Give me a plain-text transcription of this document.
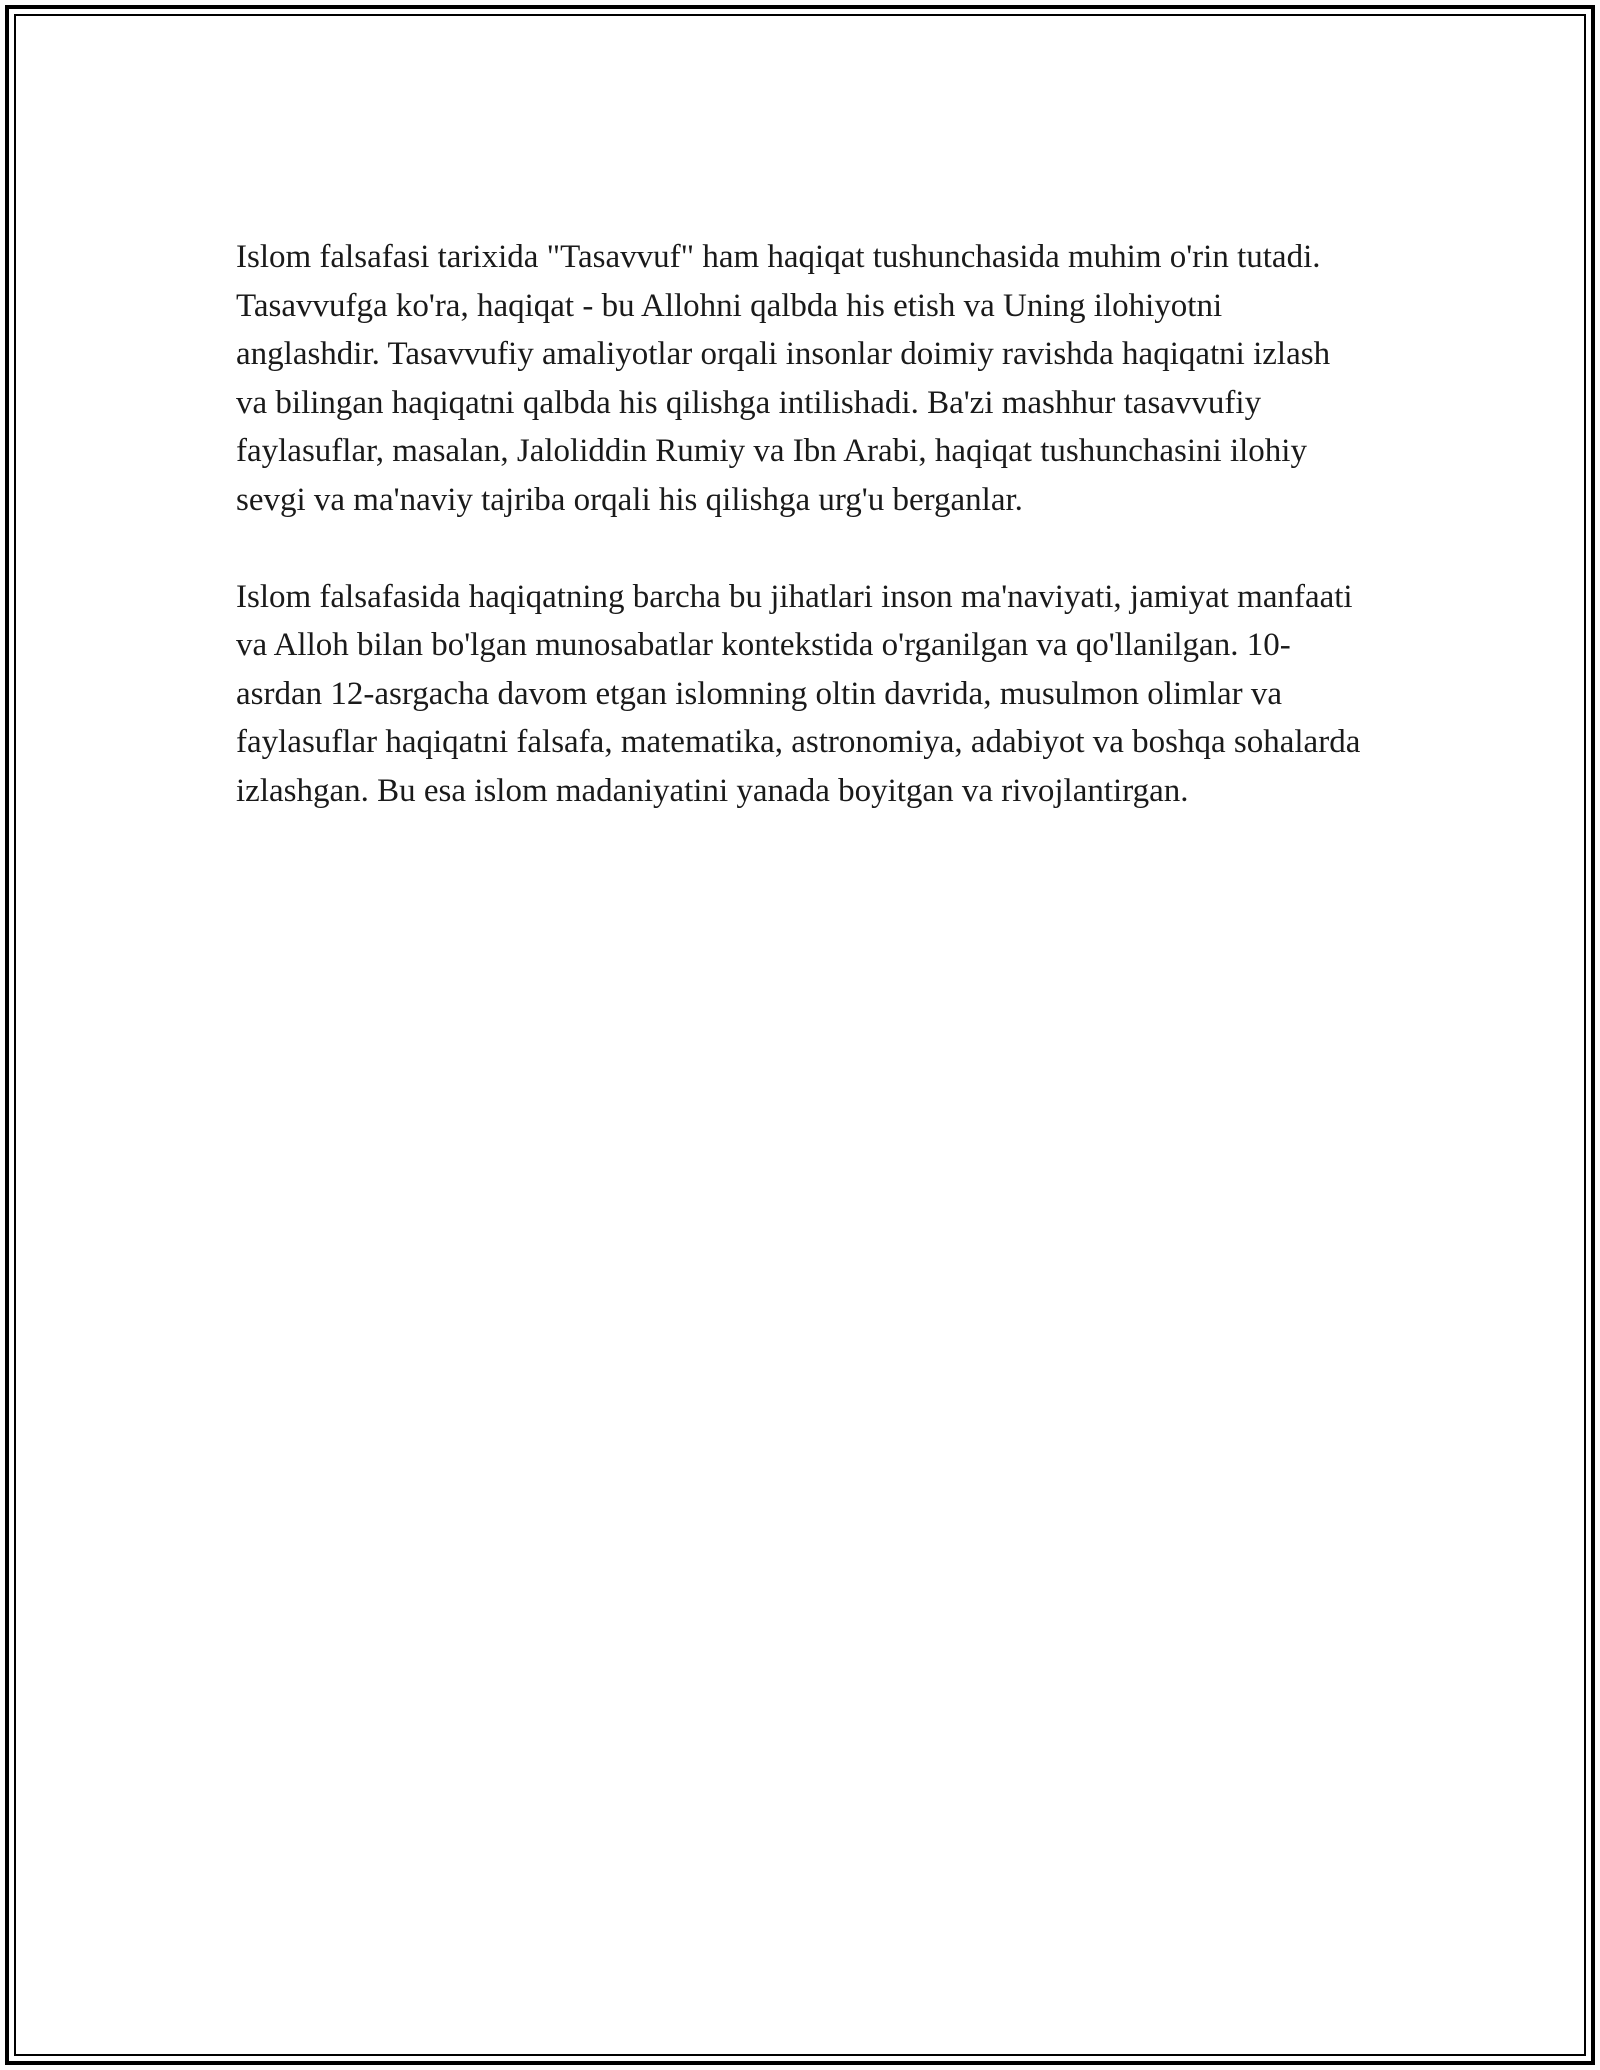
Islom falsafasi tarixida "Tasavvuf" ham haqiqat tushunchasida muhim o'rin tutadi. Tasavvufga ko'ra, haqiqat - bu Allohni qalbda his etish va Uning ilohiyotni anglashdir. Tasavvufiy amaliyotlar orqali insonlar doimiy ravishda haqiqatni izlash va bilingan haqiqatni qalbda his qilishga intilishadi. Ba'zi mashhur tasavvufiy faylasuflar, masalan, Jaloliddin Rumiy va Ibn Arabi, haqiqat tushunchasini ilohiy sevgi va ma'naviy tajriba orqali his qilishga urg'u berganlar.

Islom falsafasida haqiqatning barcha bu jihatlari inson ma'naviyati, jamiyat manfaati va Alloh bilan bo'lgan munosabatlar kontekstida o'rganilgan va qo'llanilgan. 10-asrdan 12-asrgacha davom etgan islomning oltin davrida, musulmon olimlar va faylasuflar haqiqatni falsafa, matematika, astronomiya, adabiyot va boshqa sohalarda izlashgan. Bu esa islom madaniyatini yanada boyitgan va rivojlantirgan.
